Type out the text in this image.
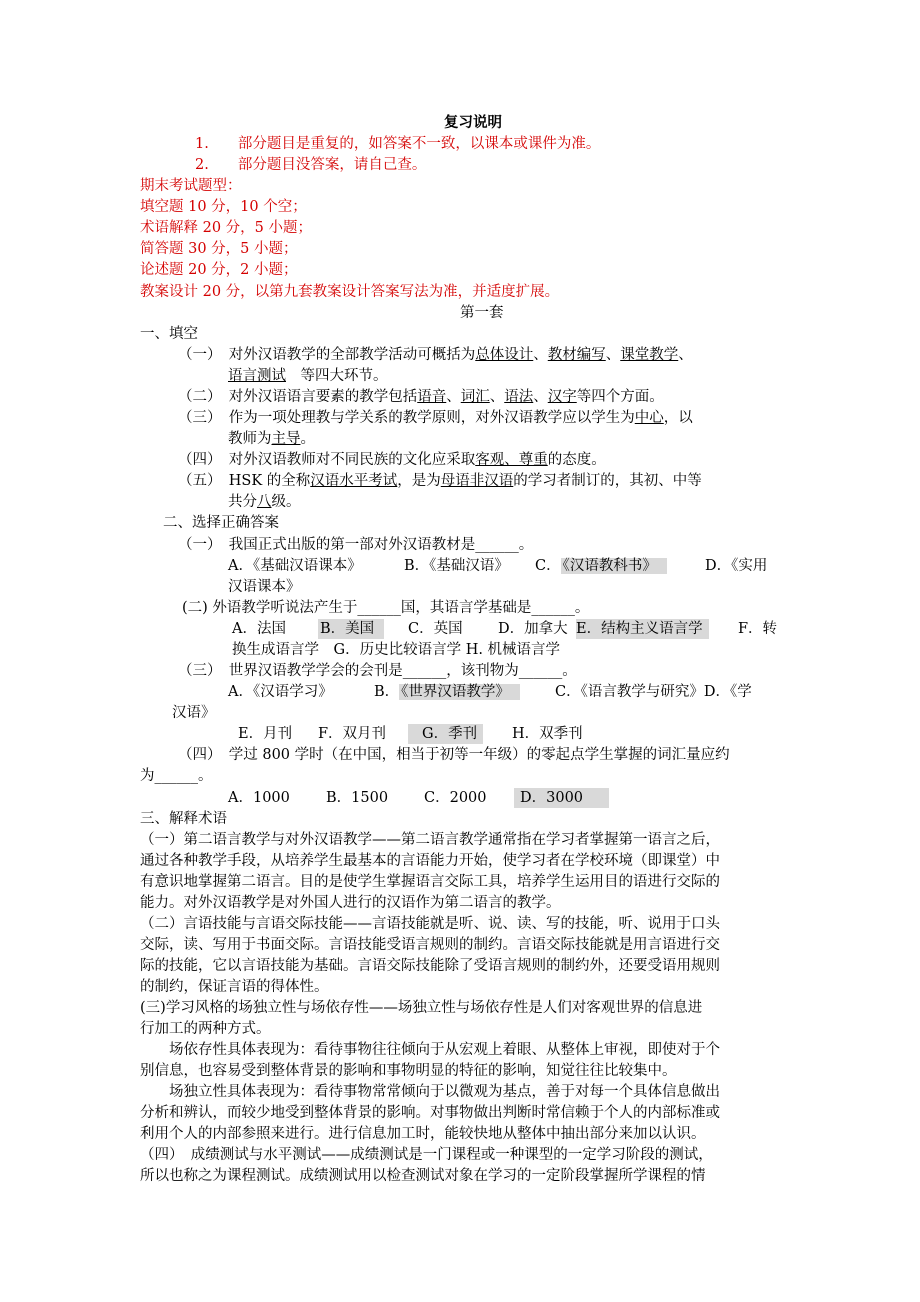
复习说明
1.　　部分题目是重复的，如答案不一致，以课本或课件为准。
2.　　部分题目没答案，请自己查。
期末考试题型：
填空题 10 分，10 个空；
术语解释 20 分，5 小题；
简答题 30 分，5 小题；
论述题 20 分，2 小题；
教案设计 20 分，以第九套教案设计答案写法为准，并适度扩展。
第一套
一、填空
（一）　对外汉语教学的全部教学活动可概括为总体设计、教材编写、课堂教学、
语言测试　等四大环节。
（二）　对外汉语语言要素的教学包括语音、词汇、语法、汉字等四个方面。
（三）　作为一项处理教与学关系的教学原则，对外汉语教学应以学生为中心，以
教师为主导。
（四）　对外汉语教师对不同民族的文化应采取客观、尊重的态度。
（五）　HSK 的全称汉语水平考试，是为母语非汉语的学习者制订的，其初、中等
共分八级。
二、选择正确答案
（一）　我国正式出版的第一部对外汉语教材是______。
A．《基础汉语课本》	B．《基础汉语》 C． 《汉语教科书》	D．《实用
汉语课本》
(二) 外语教学听说法产生于______国，其语言学基础是______。
A．法国 B．美国	C．英国 D．加拿大 E．结构主义语言学	F．转
换生成语言学　G．历史比较语言学 H. 机械语言学
（三）　世界汉语教学学会的会刊是______，该刊物为______。
A．《汉语学习》	B． 《世界汉语教学》	C．《语言教学与研究》D．《学
汉语》
E．月刊 F．双月刊	G．季刊	H．双季刊
（四）　学过 800 学时（在中国，相当于初等一年级）的零起点学生掌握的词汇量应约
为______。
A．1000 B．1500 C．2000	D．3000
三、解释术语
（一）第二语言教学与对外汉语教学——第二语言教学通常指在学习者掌握第一语言之后，
通过各种教学手段，从培养学生最基本的言语能力开始，使学习者在学校环境（即课堂）中
有意识地掌握第二语言。目的是使学生掌握语言交际工具，培养学生运用目的语进行交际的
能力。对外汉语教学是对外国人进行的汉语作为第二语言的教学。
（二）言语技能与言语交际技能——言语技能就是听、说、读、写的技能，听、说用于口头
交际，读、写用于书面交际。言语技能受语言规则的制约。言语交际技能就是用言语进行交
际的技能，它以言语技能为基础。言语交际技能除了受语言规则的制约外，还要受语用规则
的制约，保证言语的得体性。
(三)学习风格的场独立性与场依存性——场独立性与场依存性是人们对客观世界的信息进
行加工的两种方式。
　　场依存性具体表现为：看待事物往往倾向于从宏观上着眼、从整体上审视，即使对于个
别信息，也容易受到整体背景的影响和事物明显的特征的影响，知觉往往比较集中。
　　场独立性具体表现为：看待事物常常倾向于以微观为基点，善于对每一个具体信息做出
分析和辨认，而较少地受到整体背景的影响。对事物做出判断时常信赖于个人的内部标准或
利用个人的内部参照来进行。进行信息加工时，能较快地从整体中抽出部分来加以认识。
（四）　成绩测试与水平测试——成绩测试是一门课程或一种课型的一定学习阶段的测试，
所以也称之为课程测试。成绩测试用以检查测试对象在学习的一定阶段掌握所学课程的情
